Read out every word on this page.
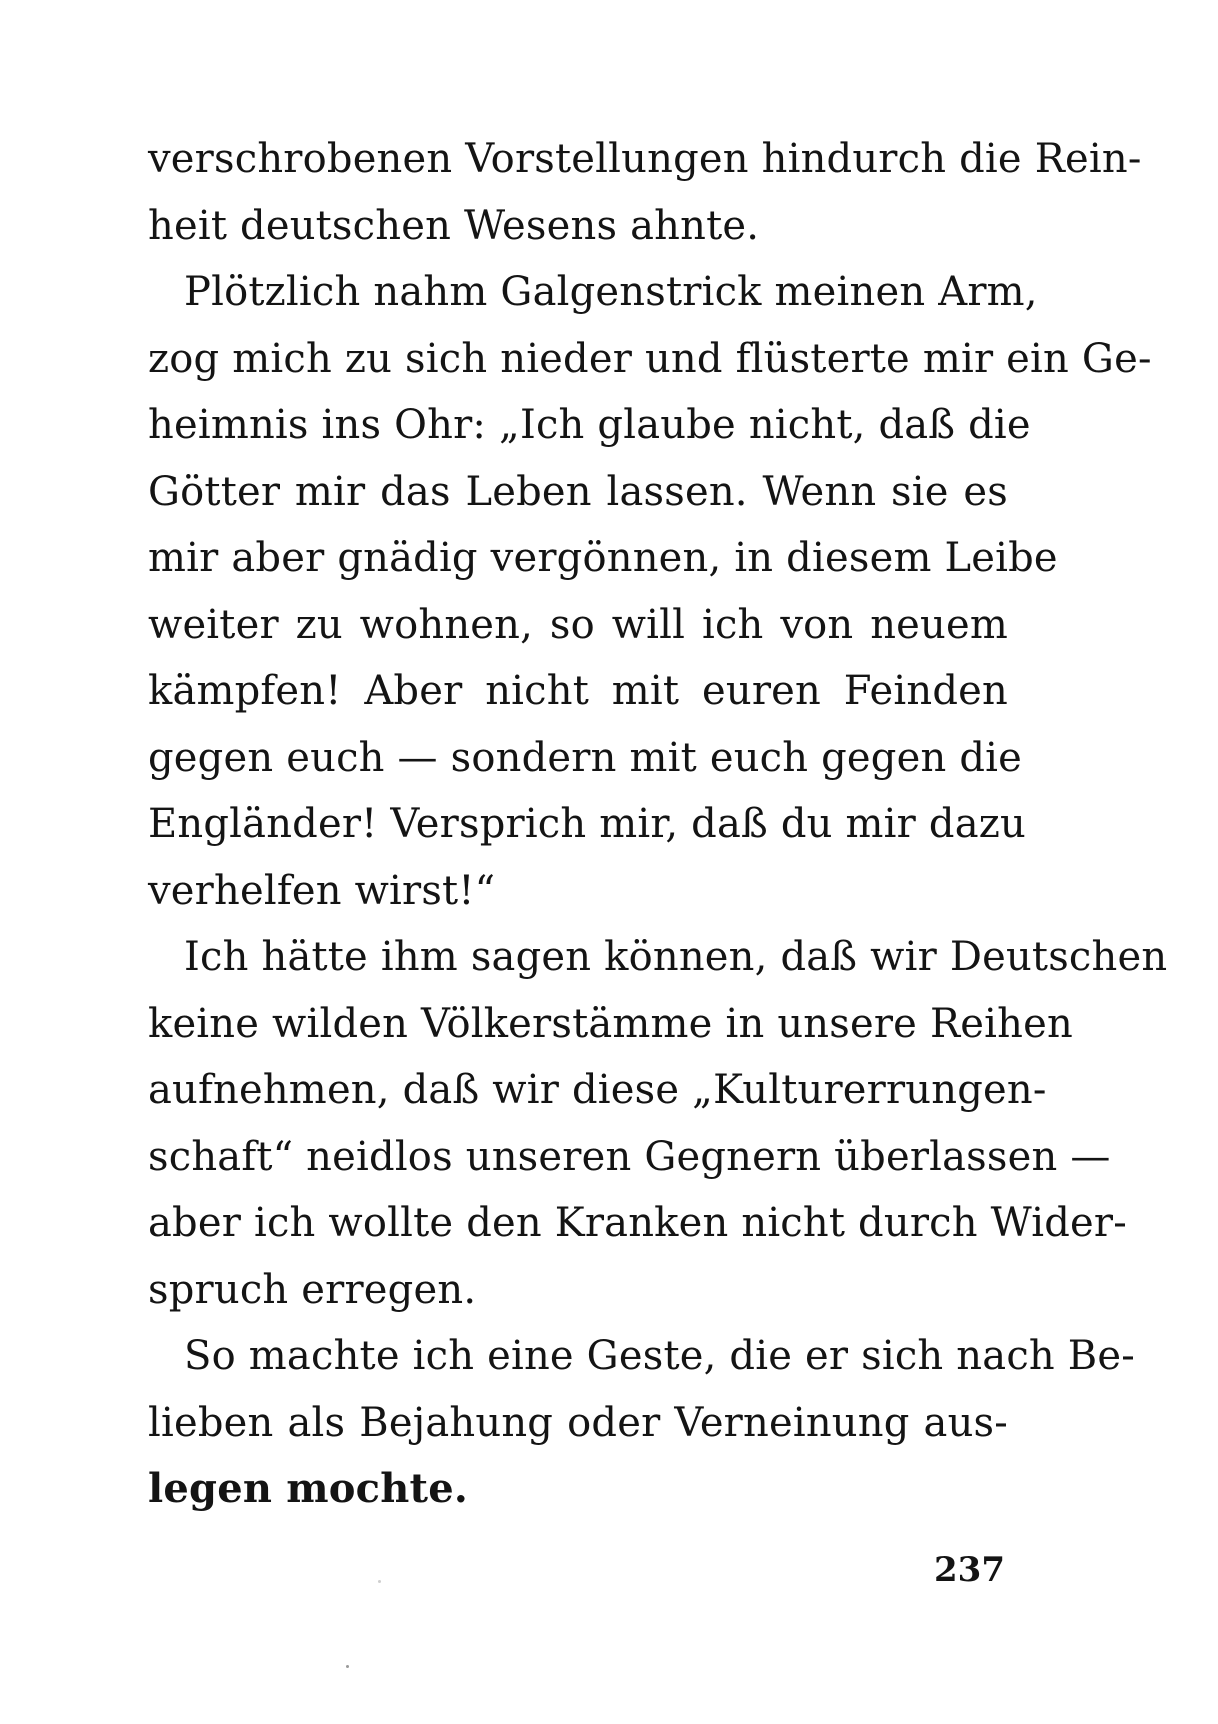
verschrobenen Vorstellungen hindurch die Rein-
heit deutschen Wesens ahnte.
Plötzlich nahm Galgenstrick meinen Arm,
zog mich zu sich nieder und flüsterte mir ein Ge-
heimnis ins Ohr: „Ich glaube nicht, daß die
Götter mir das Leben lassen. Wenn sie es
mir aber gnädig vergönnen, in diesem Leibe
weiter zu wohnen, so will ich von neuem
kämpfen! Aber nicht mit euren Feinden
gegen euch — sondern mit euch gegen die
Engländer! Versprich mir, daß du mir dazu
verhelfen wirst!“
Ich hätte ihm sagen können, daß wir Deutschen
keine wilden Völkerstämme in unsere Reihen
aufnehmen, daß wir diese „Kulturerrungen-
schaft“ neidlos unseren Gegnern überlassen —
aber ich wollte den Kranken nicht durch Wider-
spruch erregen.
So machte ich eine Geste, die er sich nach Be-
lieben als Bejahung oder Verneinung aus-
legen mochte.
237
